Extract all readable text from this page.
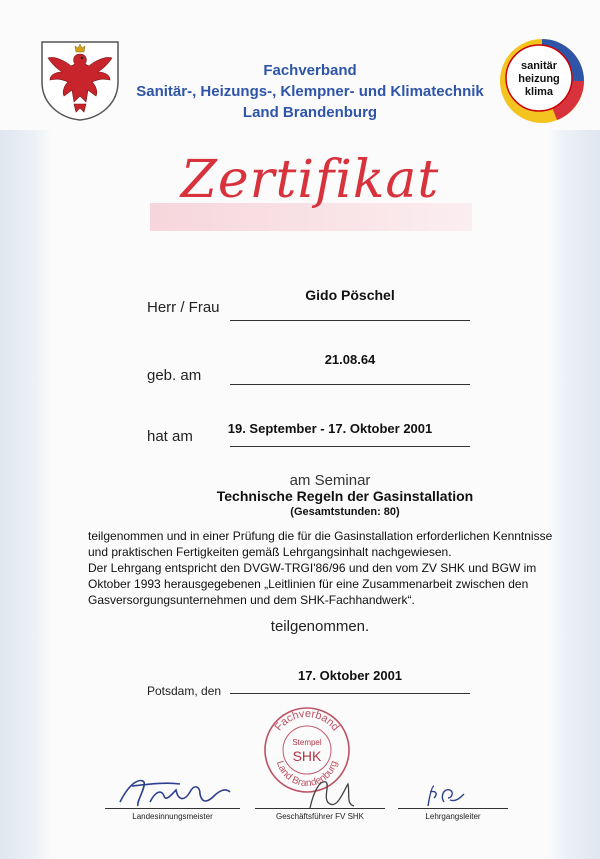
Fachverband
Sanitär-, Heizungs-, Klempner- und Klimatechnik
Land Brandenburg
sanitär
heizung
klima
Zertifikat
Gido Pöschel
Herr / Frau
21.08.64
geb. am
19. September - 17. Oktober 2001
hat am
am Seminar
Technische Regeln der Gasinstallation
(Gesamtstunden: 80)

teilgenommen und in einer Prüfung die für die Gasinstallation erforderlichen Kenntnisse

und praktischen Fertigkeiten gemäß Lehrgangsinhalt nachgewiesen.

Der Lehrgang entspricht den DVGW-TRGI'86/96 und den vom ZV SHK und BGW im

Oktober 1993 herausgegebenen „Leitlinien für eine Zusammenarbeit zwischen den

Gasversorgungsunternehmen und dem SHK-Fachhandwerk“.

teilgenommen.
17. Oktober 2001
Potsdam, den
Fachverband
Land Brandenburg
Stempel
SHK
Landesinnungsmeister	Geschäftsführer FV SHK	Lehrgangsleiter
